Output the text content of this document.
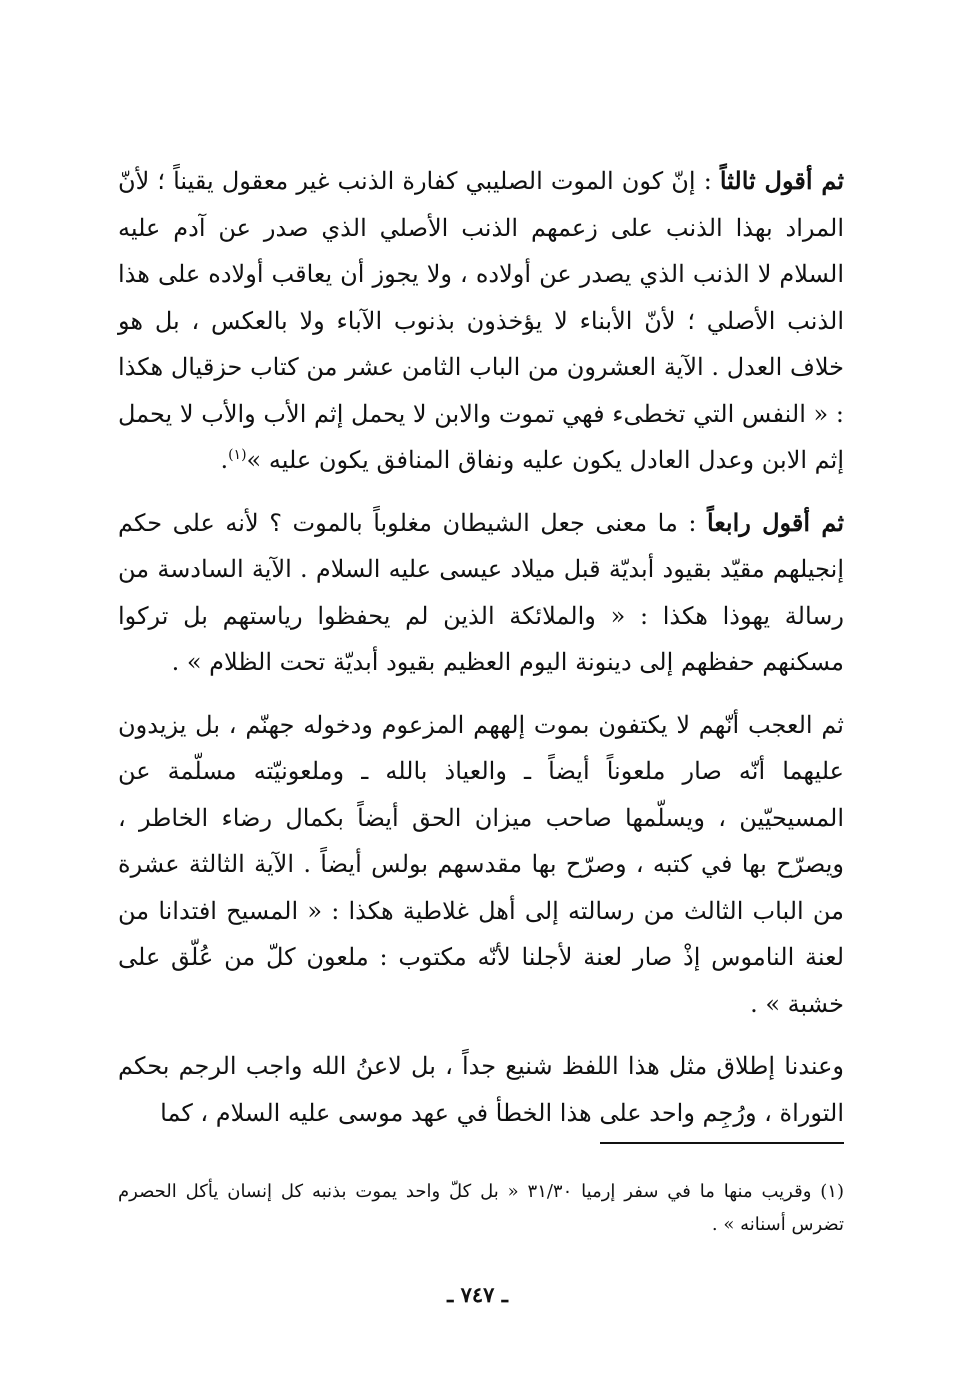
ثم أقول ثالثاً : إنّ كون الموت الصليبي كفارة الذنب غير معقول يقيناً ؛ لأنّ المراد بهذا الذنب على زعمهم الذنب الأصلي الذي صدر عن آدم عليه السلام لا الذنب الذي يصدر عن أولاده ، ولا يجوز أن يعاقب أولاده على هذا الذنب الأصلي ؛ لأنّ الأبناء لا يؤخذون بذنوب الآباء ولا بالعكس ، بل هو خلاف العدل . الآية العشرون من الباب الثامن عشر من كتاب حزقيال هكذا : « النفس التي تخطىء فهي تموت والابن لا يحمل إثم الأب والأب لا يحمل إثم الابن وعدل العادل يكون عليه ونفاق المنافق يكون عليه »$^{(١)}$.

ثم أقول رابعاً : ما معنى جعل الشيطان مغلوباً بالموت ؟ لأنه على حكم إنجيلهم مقيّد بقيود أبديّة قبل ميلاد عيسى عليه السلام . الآية السادسة من رسالة يهوذا هكذا : « والملائكة الذين لم يحفظوا رياستهم بل تركوا مسكنهم حفظهم إلى دينونة اليوم العظيم بقيود أبديّة تحت الظلام » .

ثم العجب أنّهم لا يكتفون بموت إلههم المزعوم ودخوله جهنّم ، بل يزيدون عليهما أنّه صار ملعوناً أيضاً ـ والعياذ بالله ـ وملعونيّته مسلّمة عن المسيحيّين ، ويسلّمها صاحب ميزان الحق أيضاً بكمال رضاء الخاطر ، ويصرّح بها في كتبه ، وصرّح بها مقدسهم بولس أيضاً . الآية الثالثة عشرة من الباب الثالث من رسالته إلى أهل غلاطية هكذا : « المسيح افتدانا من لعنة الناموس إذْ صار لعنة لأجلنا لأنّه مكتوب : ملعون كلّ من عُلّق على خشبة » .

وعندنا إطلاق مثل هذا اللفظ شنيع جداً ، بل لاعنُ الله واجب الرجم بحكم التوراة ، ورُجِم واحد على هذا الخطأ في عهد موسى عليه السلام ، كما

(١) وقريب منها ما في سفر إرميا ٣١/٣٠ « بل كلّ واحد يموت بذنبه كل إنسان يأكل الحصرم تضرس أسنانه » .
ـ ٧٤٧ ـ
